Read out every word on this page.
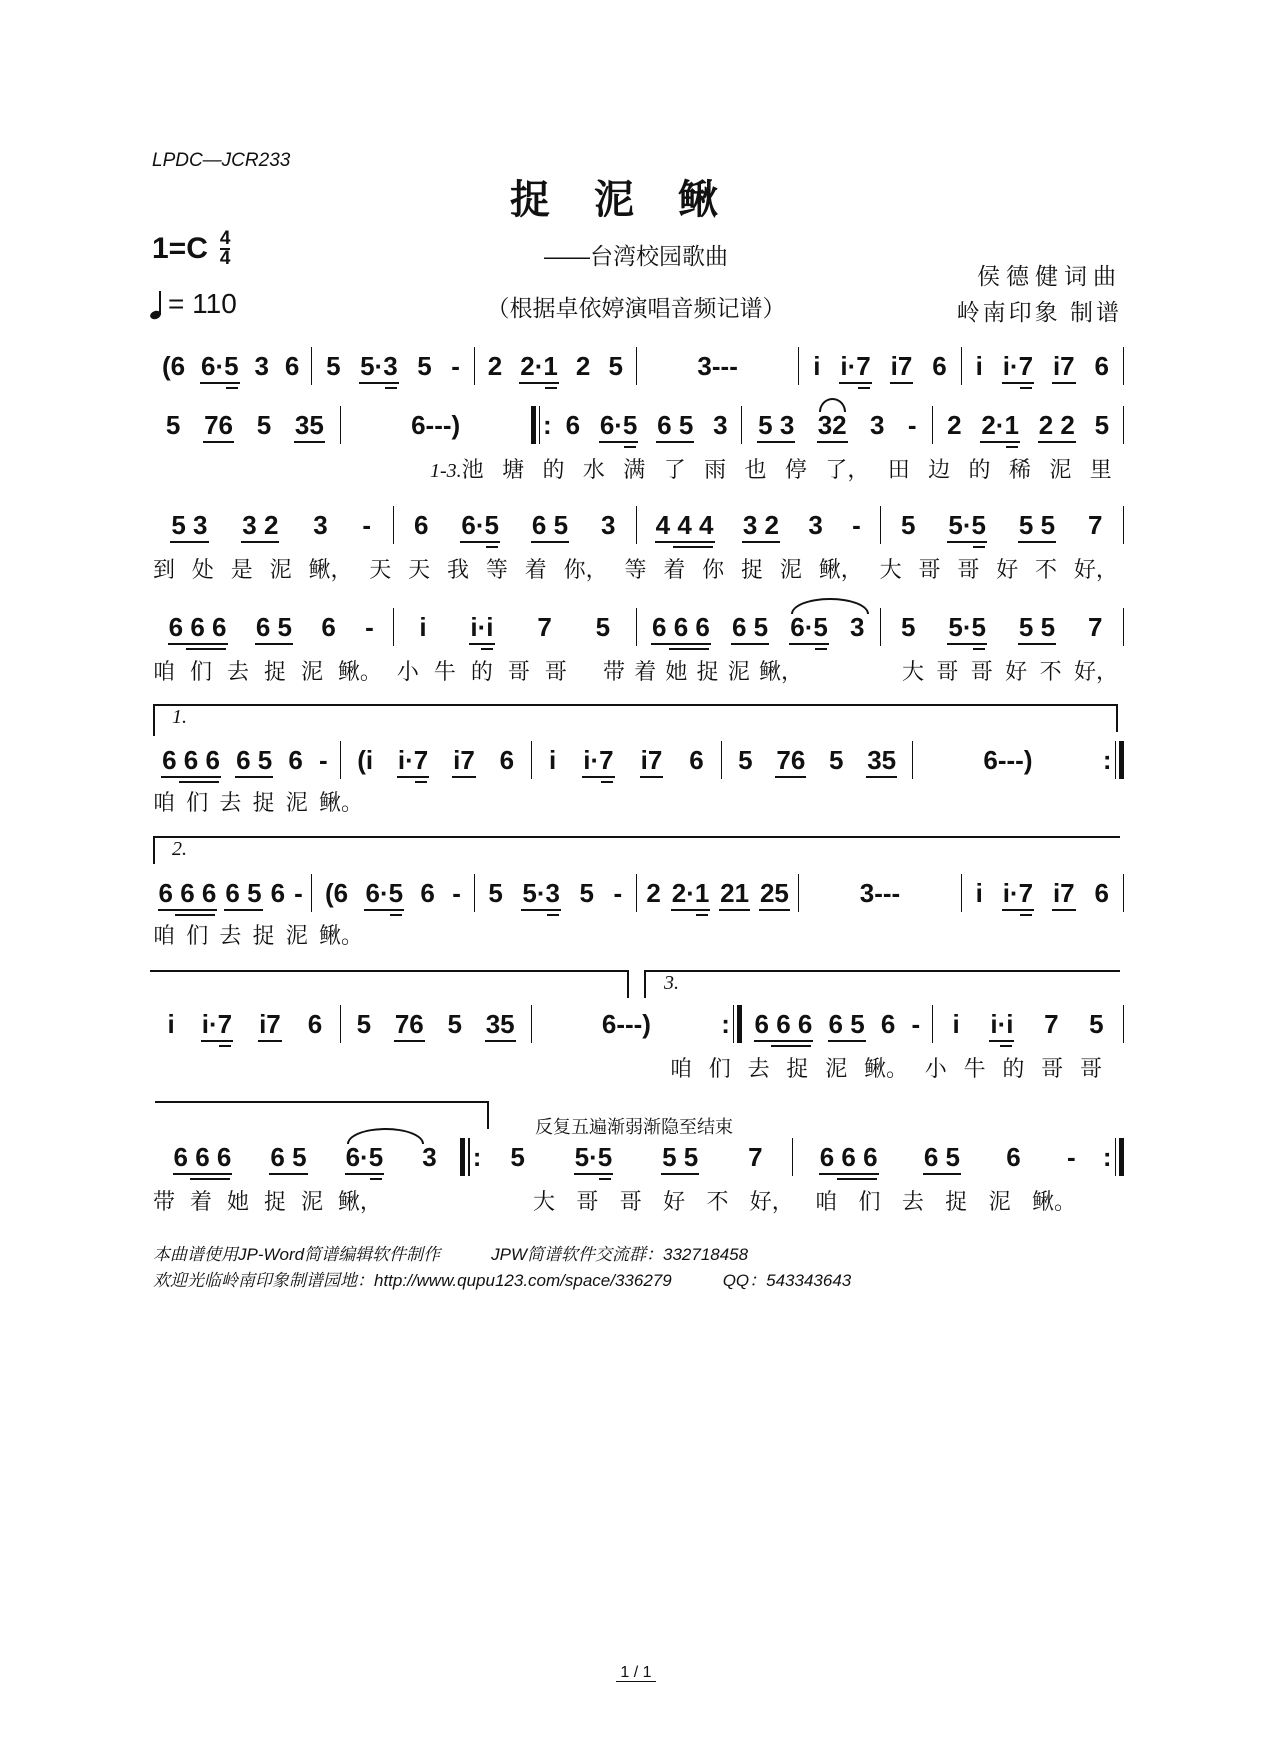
LPDC—JCR233
捉泥鳅
$1=C \frac{4}{4}$
= 110
——台湾校园歌曲
（根据卓依婷演唱音频记谱）
侯德健词曲
岭南印象 制谱
(6 6·5 3 6 5 5·3 5 - 2 2·1 2 5	3---	i i·7 i7 6 i i·7 i7 6
5 76 5 35	6---)	: 6 6·5 6 5 3 5 3 32 3 - 2 2·1 2 2 5
5 3 3 2 3 - 6 6·5 6 5 3 4 4 4 3 2 3 - 5 5·5 5 5 7
6 6 6 6 5 6 - i i·i 7 5 6 6 6 6 5 6·5 3 5 5·5 5 5 7
6 6 6 6 5 6 - (i i·7 i7 6 i i·7 i7 6 5 76 5 35	6---)	:
6 6 6 6 5 6 - (6 6·5 6 - 5 5·3 5 - 2 2·1 21 25	3---	i i·7 i7 6
i i·7 i7 6 5 76 5 35	6---)	: 6 6 6 6 5 6 - i i·i 7 5
6 6 6 6 5 6·5 3 : 5 5·5 5 5 7 6 6 6 6 5 6 - :
1-3.池 塘 的 水 满 了 雨 也 停 了， 田 边 的 稀 泥 里
到 处 是 泥 鳅， 天 天 我 等 着 你， 等 着 你 捉 泥 鳅， 大 哥 哥 好 不 好，
咱 们 去 捉 泥 鳅。 小 牛 的 哥 哥 带 着 她 捉 泥 鳅，	大 哥 哥 好 不 好，
咱 们 去 捉 泥 鳅。
咱 们 去 捉 泥 鳅。
咱 们 去 捉 泥 鳅。 小 牛 的 哥 哥
带 着 她 捉 泥 鳅，	大 哥 哥 好 不 好， 咱 们 去 捉 泥 鳅。
1.
2.
3.
反复五遍渐弱渐隐至结束
本曲谱使用JP-Word简谱编辑软件制作　　　JPW简谱软件交流群：332718458
欢迎光临岭南印象制谱园地：http://www.qupu123.com/space/336279　　　QQ：543343643
1 / 1
